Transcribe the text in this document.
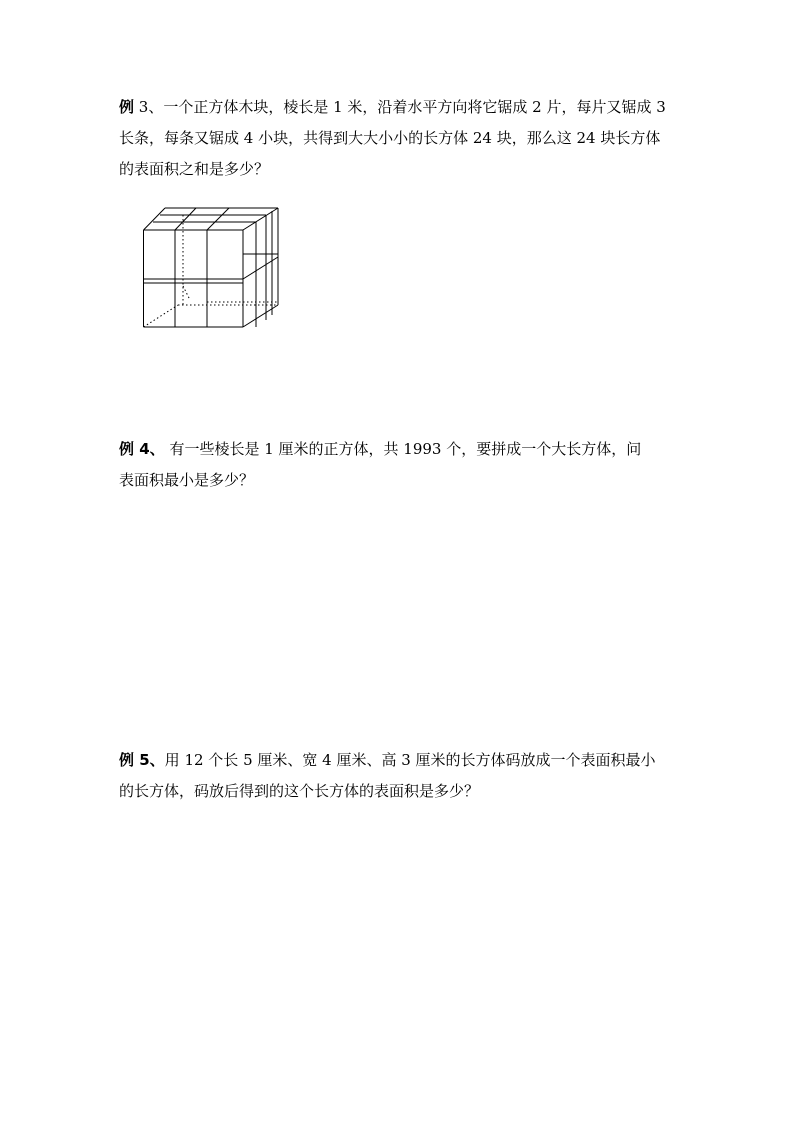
例 3、一个正方体木块，棱长是 1 米，沿着水平方向将它锯成 2 片，每片又锯成 3
长条，每条又锯成 4 小块，共得到大大小小的长方体 24 块，那么这 24 块长方体
的表面积之和是多少？
例 4、 有一些棱长是 1 厘米的正方体，共 1993 个，要拼成一个大长方体，问
表面积最小是多少？
例 5、用 12 个长 5 厘米、宽 4 厘米、高 3 厘米的长方体码放成一个表面积最小
的长方体，码放后得到的这个长方体的表面积是多少？
